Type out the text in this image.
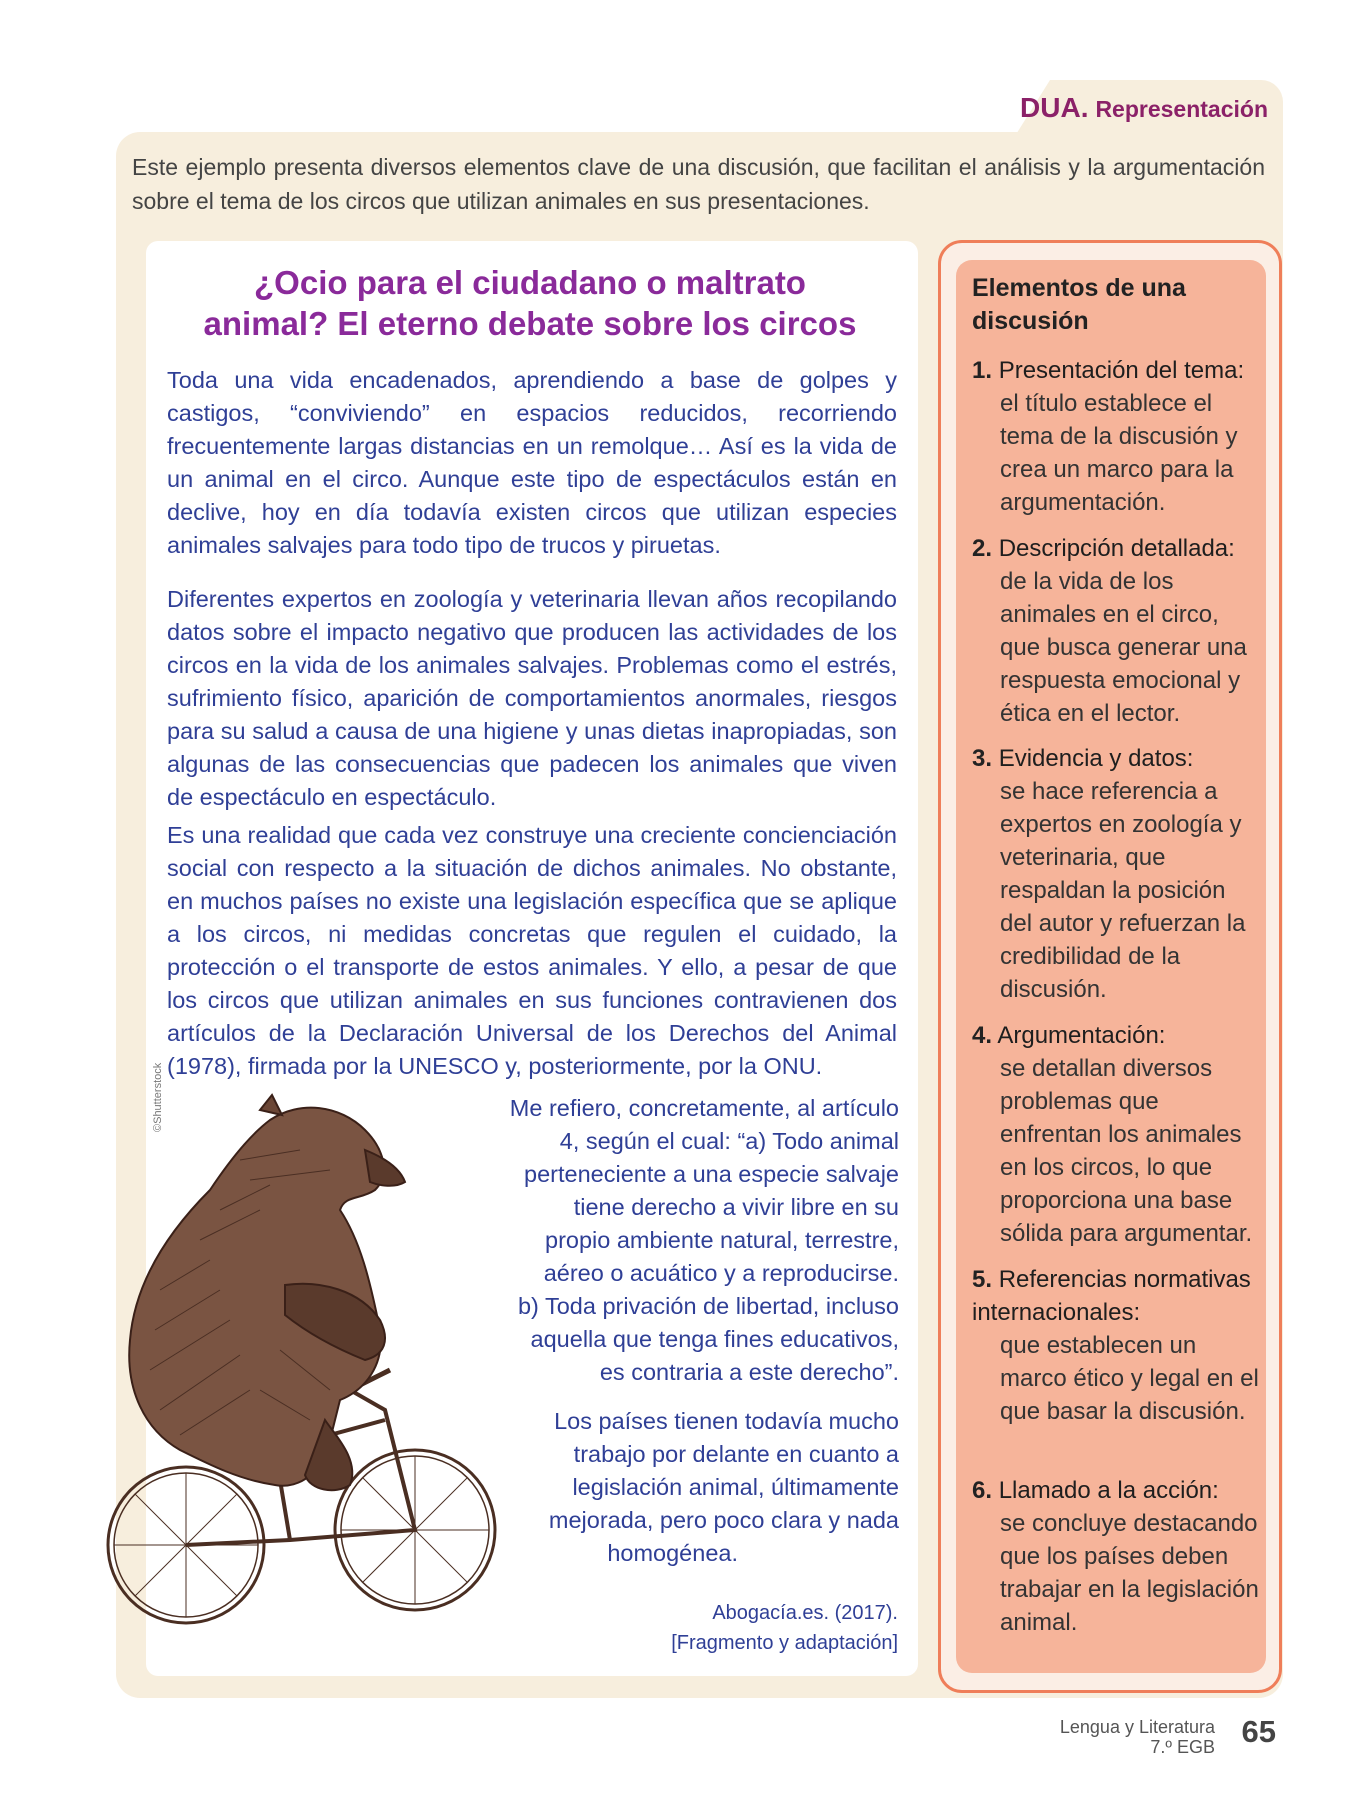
DUA. Representación
Este ejemplo presenta diversos elementos clave de una discusión, que facilitan el análisis y la argumentación sobre el tema de los circos que utilizan animales en sus presentaciones.
¿Ocio para el ciudadano o maltrato
animal? El eterno debate sobre los circos

Toda una vida encadenados, aprendiendo a base de golpes y castigos, “conviviendo” en espacios reducidos, recorriendo frecuentemente largas distancias en un remolque… Así es la vida de un animal en el circo. Aunque este tipo de espectáculos están en declive, hoy en día todavía existen circos que utilizan especies animales salvajes para todo tipo de trucos y piruetas.

Diferentes expertos en zoología y veterinaria llevan años recopilando datos sobre el impacto negativo que producen las actividades de los circos en la vida de los animales salvajes. Problemas como el estrés, sufrimiento físico, aparición de comportamientos anormales, riesgos para su salud a causa de una higiene y unas dietas inapropiadas, son algunas de las consecuencias que padecen los animales que viven de espectáculo en espectáculo.

Es una realidad que cada vez construye una creciente concienciación social con respecto a la situación de dichos animales. No obstante, en muchos países no existe una legislación específica que se aplique a los circos, ni medidas concretas que regulen el cuidado, la protección o el transporte de estos animales. Y ello, a pesar de que los circos que utilizan animales en sus funciones contravienen dos artículos de la Declaración Universal de los Derechos del Animal (1978), firmada por la UNESCO y, posteriormente, por la ONU.

©Shutterstock	Me refiero, concretamente, al artículo
4, según el cual: “a) Todo animal
perteneciente a una especie salvaje
tiene derecho a vivir libre en su
propio ambiente natural, terrestre,
aéreo o acuático y a reproducirse.
b) Toda privación de libertad, incluso
aquella que tenga fines educativos,
es contraria a este derecho”.
Los países tienen todavía mucho
trabajo por delante en cuanto a
legislación animal, últimamente
mejorada, pero poco clara y nada
homogénea.
Abogacía.es. (2017).
[Fragmento y adaptación]
Elementos de una discusión
1. Presentación del tema:
el título establece el tema de la discusión y crea un marco para la argumentación.
2. Descripción detallada:
de la vida de los animales en el circo, que busca generar una respuesta emocional y ética en el lector.
3. Evidencia y datos:
se hace referencia a expertos en zoología y veterinaria, que respaldan la posición del autor y refuerzan la credibilidad de la discusión.
4. Argumentación:
se detallan diversos problemas que enfrentan los animales en los circos, lo que proporciona una base sólida para argumentar.
5. Referencias normativas internacionales:
que establecen un marco ético y legal en el que basar la discusión.
6. Llamado a la acción:
se concluye destacando que los países deben trabajar en la legislación animal.
Lengua y Literatura
7.º EGB 65
